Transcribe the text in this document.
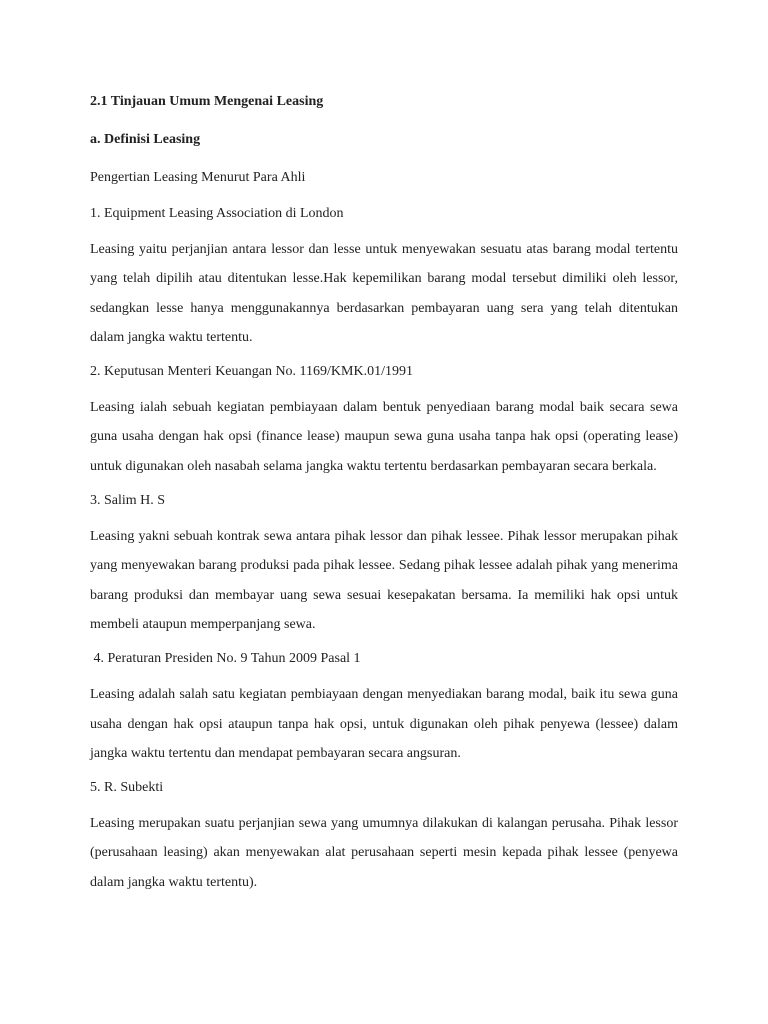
2.1 Tinjauan Umum Mengenai Leasing
a. Definisi Leasing
Pengertian Leasing Menurut Para Ahli
1. Equipment Leasing Association di London
Leasing yaitu perjanjian antara lessor dan lesse untuk menyewakan sesuatu atas barang modal tertentu yang telah dipilih atau ditentukan lesse.Hak kepemilikan barang modal tersebut dimiliki oleh lessor, sedangkan lesse hanya menggunakannya berdasarkan pembayaran uang sera yang telah ditentukan dalam jangka waktu tertentu.
2. Keputusan Menteri Keuangan No. 1169/KMK.01/1991
Leasing ialah sebuah kegiatan pembiayaan dalam bentuk penyediaan barang modal baik secara sewa guna usaha dengan hak opsi (finance lease) maupun sewa guna usaha tanpa hak opsi (operating lease) untuk digunakan oleh nasabah selama jangka waktu tertentu berdasarkan pembayaran secara berkala.
3. Salim H. S
Leasing yakni sebuah kontrak sewa antara pihak lessor dan pihak lessee. Pihak lessor merupakan pihak yang menyewakan barang produksi pada pihak lessee. Sedang pihak lessee adalah pihak yang menerima barang produksi dan membayar uang sewa sesuai kesepakatan bersama. Ia memiliki hak opsi untuk membeli ataupun memperpanjang sewa.
4. Peraturan Presiden No. 9 Tahun 2009 Pasal 1
Leasing adalah salah satu kegiatan pembiayaan dengan menyediakan barang modal, baik itu sewa guna usaha dengan hak opsi ataupun tanpa hak opsi, untuk digunakan oleh pihak penyewa (lessee) dalam jangka waktu tertentu dan mendapat pembayaran secara angsuran.
5. R. Subekti
Leasing merupakan suatu perjanjian sewa yang umumnya dilakukan di kalangan perusaha. Pihak lessor (perusahaan leasing) akan menyewakan alat perusahaan seperti mesin kepada pihak lessee (penyewa dalam jangka waktu tertentu).
